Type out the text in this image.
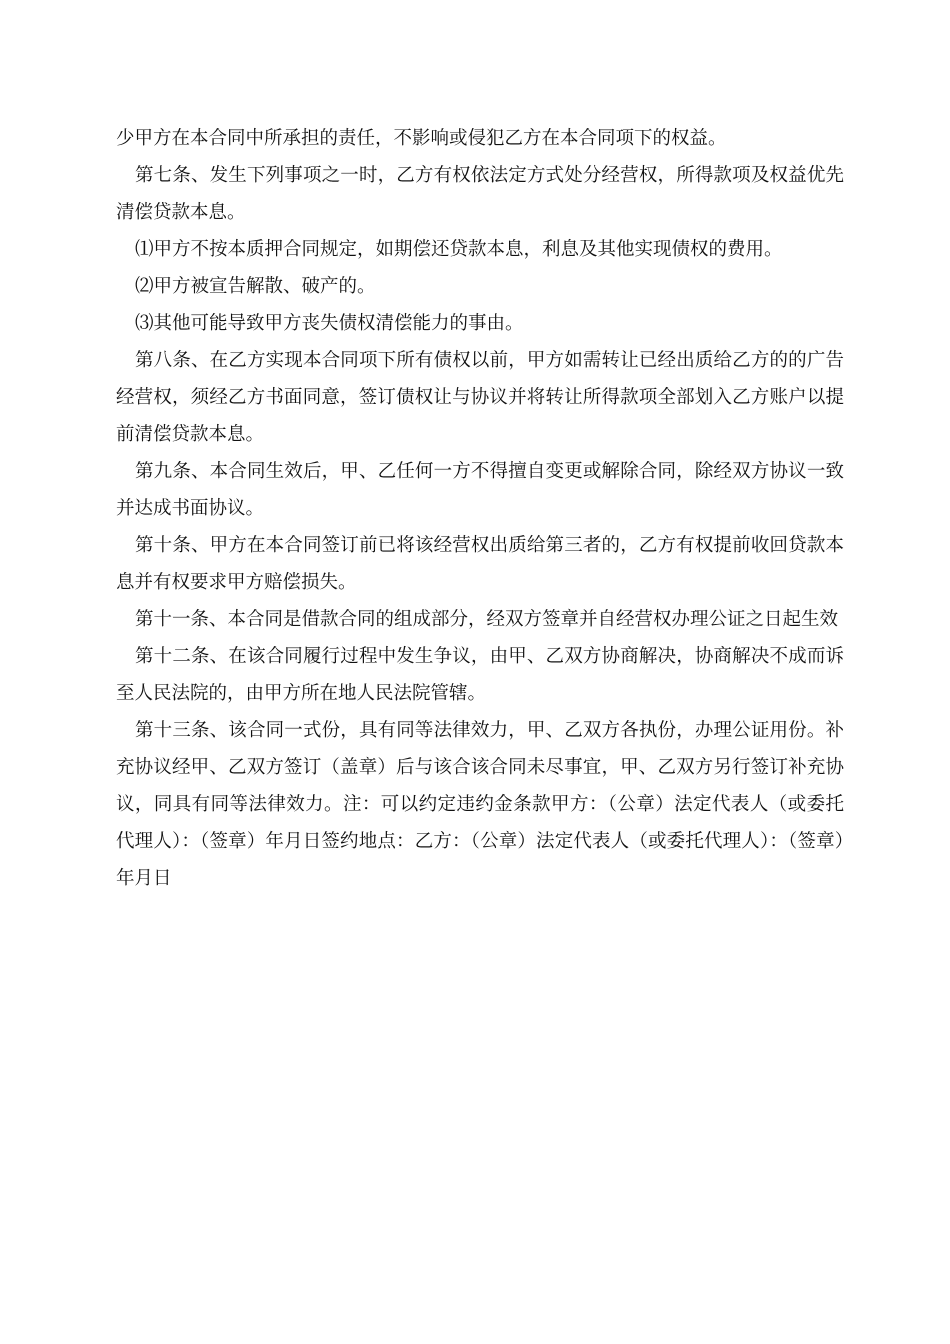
少甲方在本合同中所承担的责任，不影响或侵犯乙方在本合同项下的权益。

第七条、发生下列事项之一时，乙方有权依法定方式处分经营权，所得款项及权益优先清偿贷款本息。

⑴甲方不按本质押合同规定，如期偿还贷款本息，利息及其他实现债权的费用。

⑵甲方被宣告解散、破产的。

⑶其他可能导致甲方丧失债权清偿能力的事由。

第八条、在乙方实现本合同项下所有债权以前，甲方如需转让已经出质给乙方的的广告经营权，须经乙方书面同意，签订债权让与协议并将转让所得款项全部划入乙方账户以提前清偿贷款本息。

第九条、本合同生效后，甲、乙任何一方不得擅自变更或解除合同，除经双方协议一致并达成书面协议。

第十条、甲方在本合同签订前已将该经营权出质给第三者的，乙方有权提前收回贷款本息并有权要求甲方赔偿损失。

第十一条、本合同是借款合同的组成部分，经双方签章并自经营权办理公证之日起生效

第十二条、在该合同履行过程中发生争议，由甲、乙双方协商解决，协商解决不成而诉至人民法院的，由甲方所在地人民法院管辖。

第十三条、该合同一式份，具有同等法律效力，甲、乙双方各执份，办理公证用份。补充协议经甲、乙双方签订（盖章）后与该合该合同未尽事宜，甲、乙双方另行签订补充协议，同具有同等法律效力。注：可以约定违约金条款甲方：（公章）法定代表人（或委托代理人）：（签章）年月日签约地点：乙方：（公章）法定代表人（或委托代理人）：（签章）年月日
